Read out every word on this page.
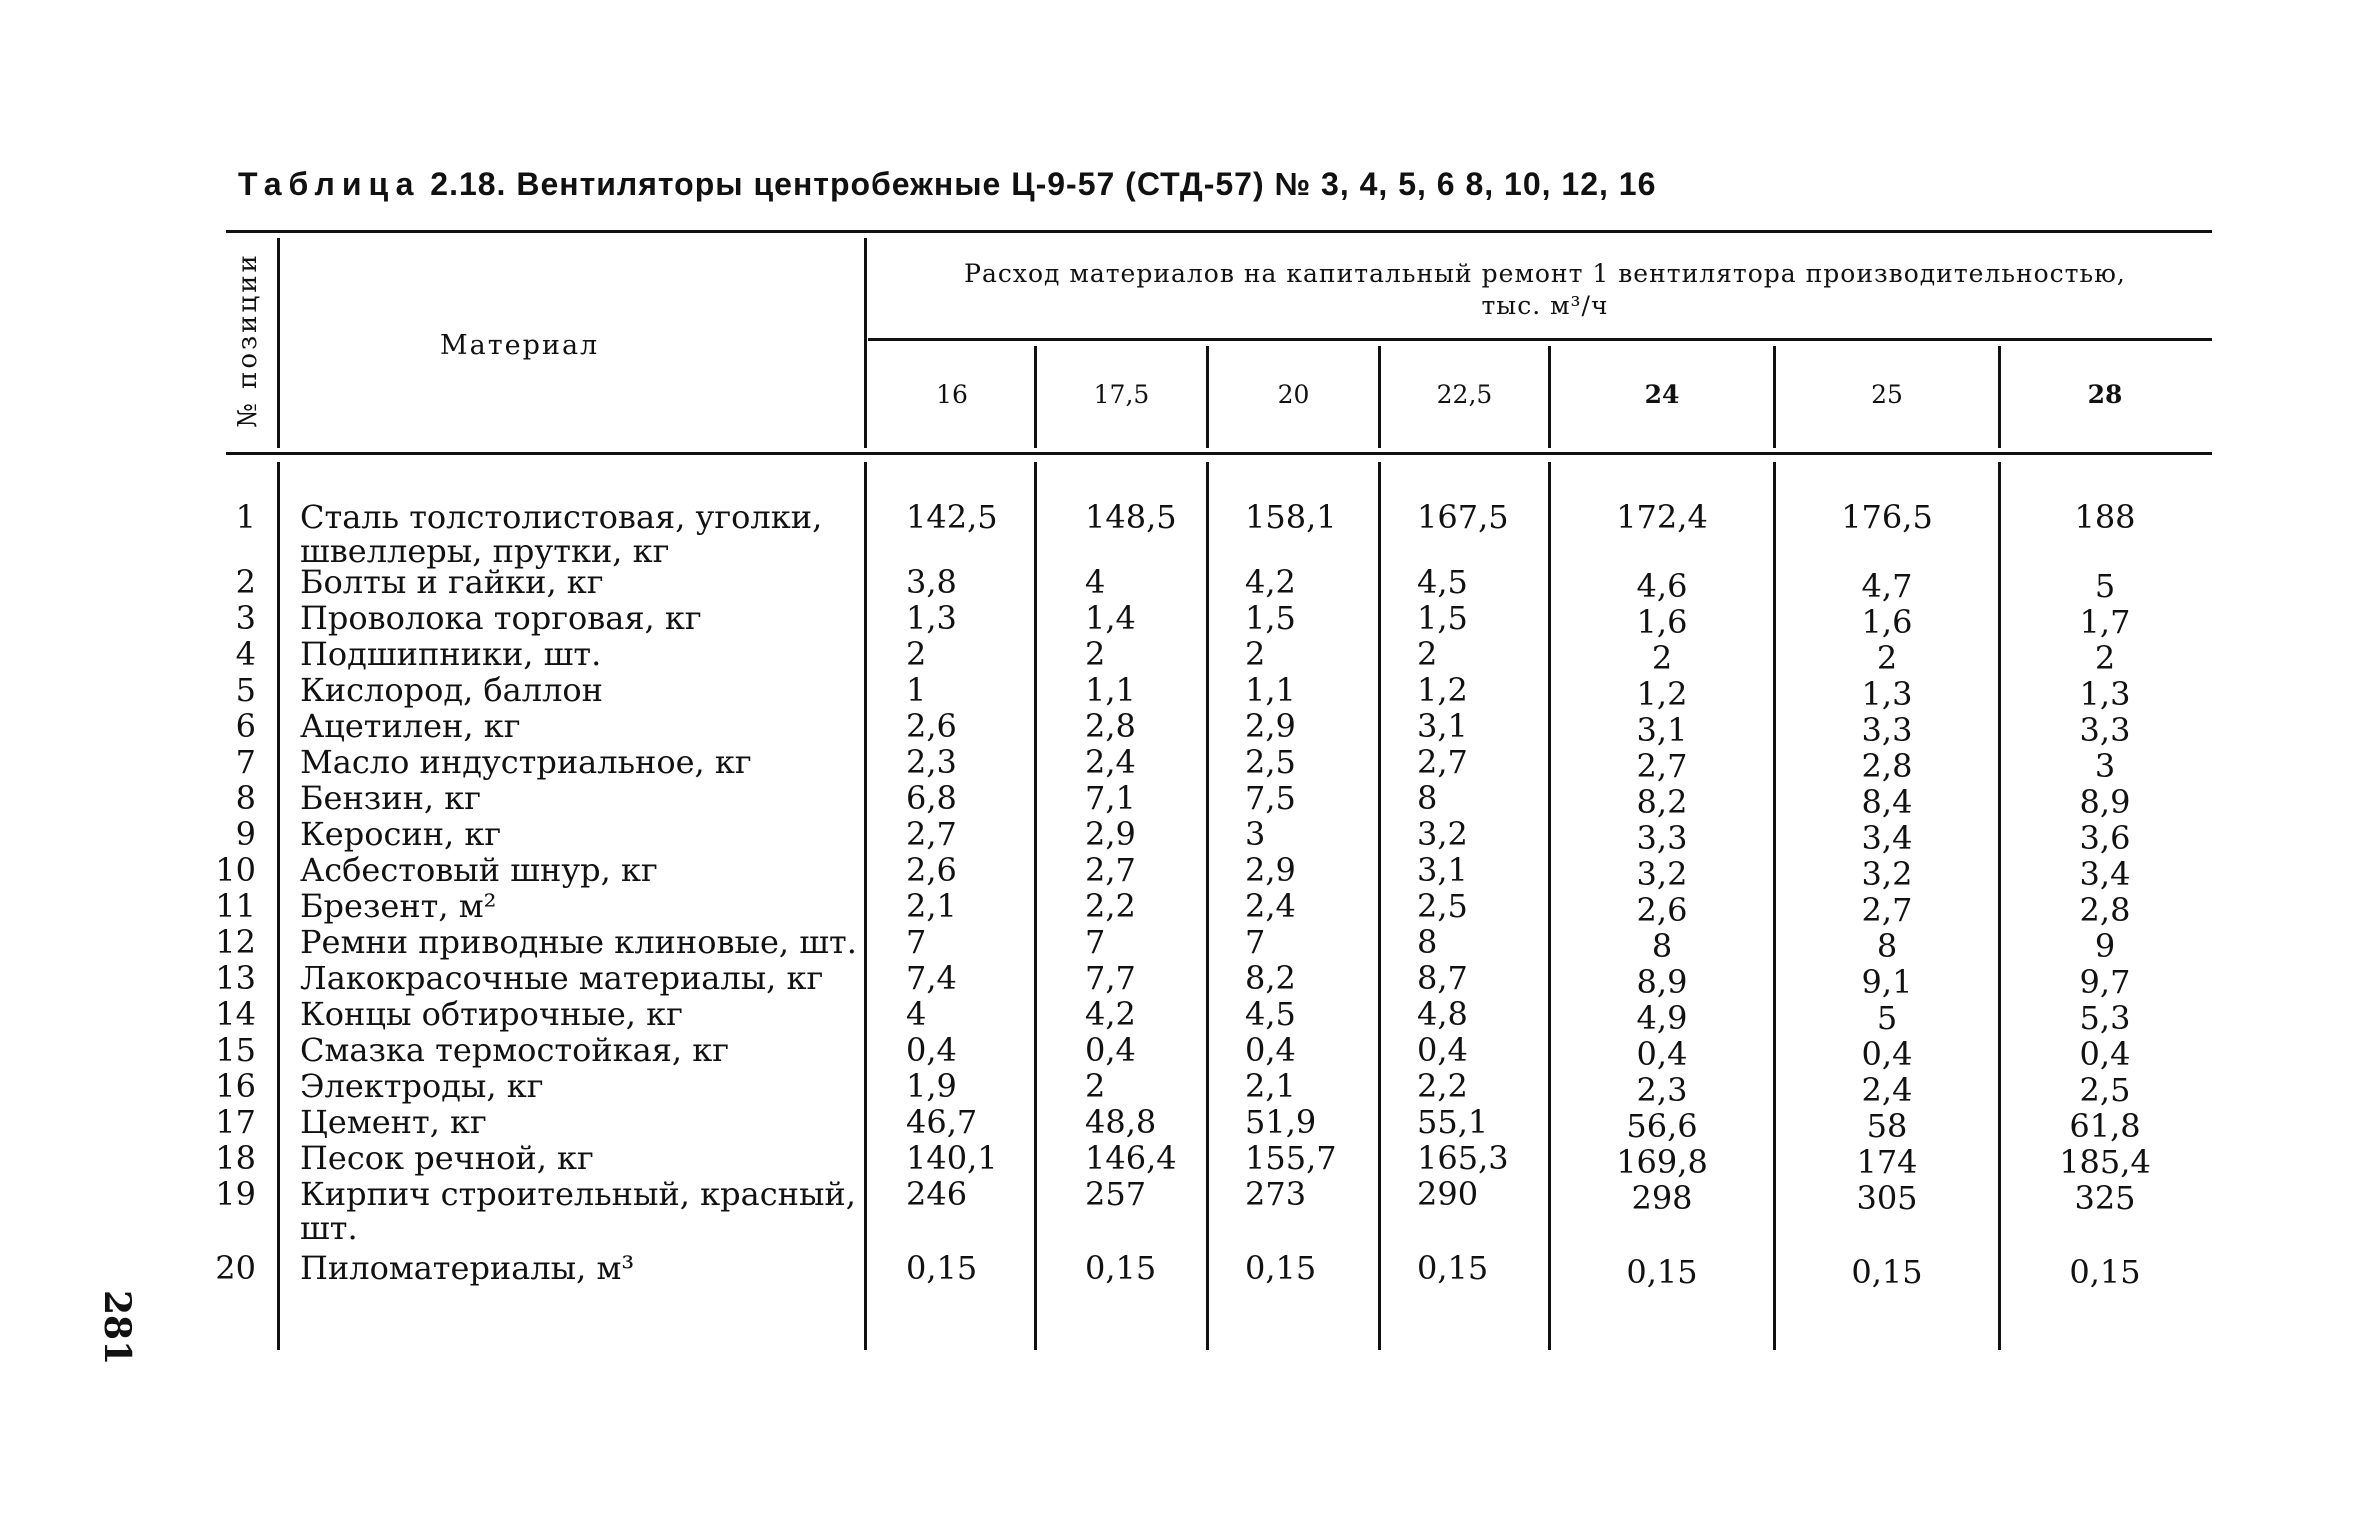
Таблица 2.18. Вентиляторы центробежные Ц-9-57 (СТД-57) № 3, 4, 5, 6 8, 10, 12, 16
№ позиции	Материал
Расход материалов на капитальный ремонт 1 вентилятора производительностью,
тыс. м³/ч
16	17,5	20	22,5	24	25	28
1 Сталь толстолистовая, уголки,
швеллеры, прутки, кг
142,5	148,5	158,1	167,5	172,4	176,5	188
2 Болты и гайки, кг	3,8	4	4,2	4,5	4,6	4,7	5
3 Проволока торговая, кг	1,3	1,4	1,5	1,5	1,6	1,6	1,7
4 Подшипники, шт.	2	2	2	2	2	2	2
5 Кислород, баллон	1	1,1	1,1	1,2	1,2	1,3	1,3
6 Ацетилен, кг	2,6	2,8	2,9	3,1	3,1	3,3	3,3
7 Масло индустриальное, кг	2,3	2,4	2,5	2,7	2,7	2,8	3
8 Бензин, кг	6,8	7,1	7,5	8	8,2	8,4	8,9
9 Керосин, кг	2,7	2,9	3	3,2	3,3	3,4	3,6
10 Асбестовый шнур, кг	2,6	2,7	2,9	3,1	3,2	3,2	3,4
11 Брезент, м²	2,1	2,2	2,4	2,5	2,6	2,7	2,8
12 Ремни приводные клиновые, шт. 7	7	7	8	8	8	9
13 Лакокрасочные материалы, кг	7,4	7,7	8,2	8,7	8,9	9,1	9,7
14 Концы обтирочные, кг	4	4,2	4,5	4,8	4,9	5	5,3
15 Смазка термостойкая, кг	0,4	0,4	0,4	0,4	0,4	0,4	0,4
16 Электроды, кг	1,9	2	2,1	2,2	2,3	2,4	2,5
17 Цемент, кг	46,7	48,8	51,9	55,1	56,6	58	61,8
18 Песок речной, кг	140,1	146,4	155,7	165,3	169,8	174	185,4
19 Кирпич строительный, красный,
шт.
246	257	273	290	298	305	325
20 Пиломатериалы, м³	0,15	0,15	0,15	0,15	0,15	0,15	0,15
281
